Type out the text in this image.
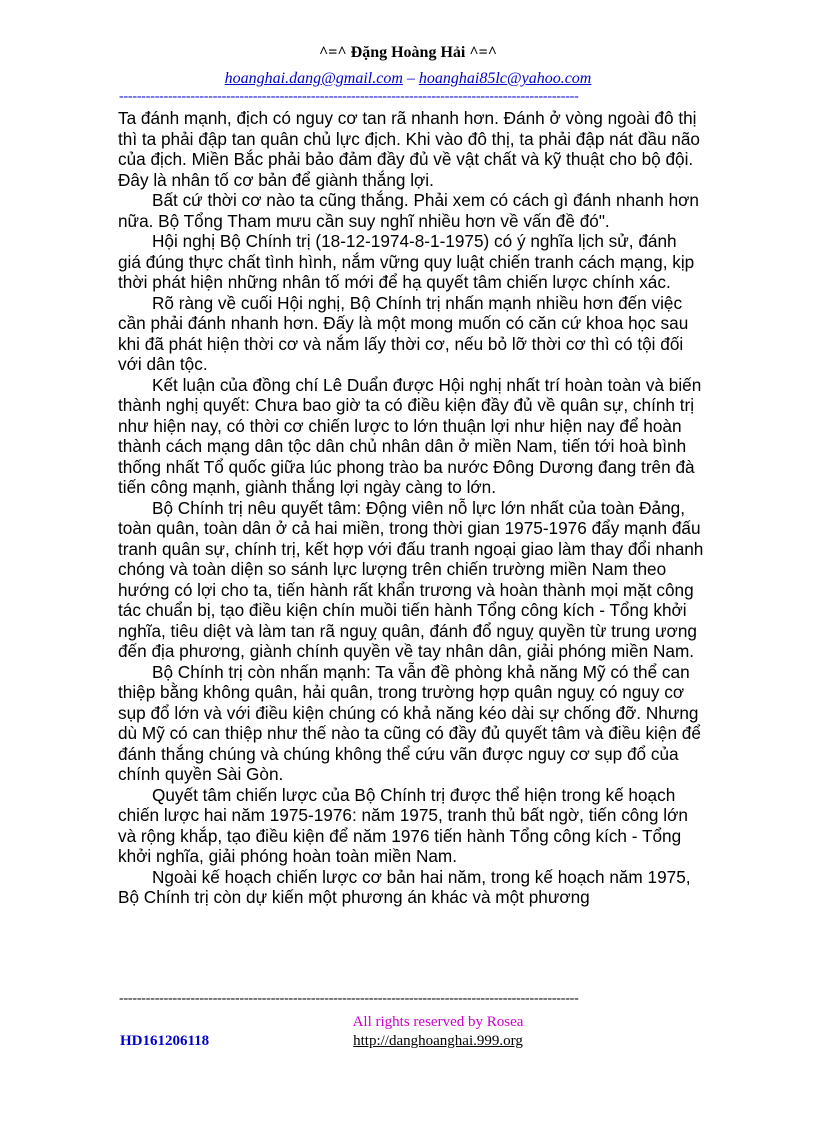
^=^ Đặng Hoàng Hải ^=^
hoanghai.dang@gmail.com – hoanghai85lc@yahoo.com
-------------------------------------------------------------------------------------------------------

Ta đánh mạnh, địch có nguy cơ tan rã nhanh hơn. Đánh ở vòng ngoài đô thị thì ta phải đập tan quân chủ lực địch. Khi vào đô thị, ta phải đập nát đầu não của địch. Miền Bắc phải bảo đảm đầy đủ về vật chất và kỹ thuật cho bộ đội. Đây là nhân tố cơ bản để giành thắng lợi.

Bất cứ thời cơ nào ta cũng thắng. Phải xem có cách gì đánh nhanh hơn nữa. Bộ Tổng Tham mưu cần suy nghĩ nhiều hơn về vấn đề đó".

Hội nghị Bộ Chính trị (18-12-1974-8-1-1975) có ý nghĩa lịch sử, đánh giá đúng thực chất tình hình, nắm vững quy luật chiến tranh cách mạng, kịp thời phát hiện những nhân tố mới để hạ quyết tâm chiến lược chính xác.

Rõ ràng về cuối Hội nghị, Bộ Chính trị nhấn mạnh nhiều hơn đến việc cần phải đánh nhanh hơn. Đấy là một mong muốn có căn cứ khoa học sau khi đã phát hiện thời cơ và nắm lấy thời cơ, nếu bỏ lỡ thời cơ thì có tội đối với dân tộc.

Kết luận của đồng chí Lê Duẩn được Hội nghị nhất trí hoàn toàn và biến thành nghị quyết: Chưa bao giờ ta có điều kiện đầy đủ về quân sự, chính trị như hiện nay, có thời cơ chiến lược to lớn thuận lợi như hiện nay để hoàn thành cách mạng dân tộc dân chủ nhân dân ở miền Nam, tiến tới hoà bình thống nhất Tổ quốc giữa lúc phong trào ba nước Đông Dương đang trên đà tiến công mạnh, giành thắng lợi ngày càng to lớn.

Bộ Chính trị nêu quyết tâm: Động viên nỗ lực lớn nhất của toàn Đảng, toàn quân, toàn dân ở cả hai miền, trong thời gian 1975-1976 đẩy mạnh đấu tranh quân sự, chính trị, kết hợp với đấu tranh ngoại giao làm thay đổi nhanh chóng và toàn diện so sánh lực lượng trên chiến trường miền Nam theo hướng có lợi cho ta, tiến hành rất khẩn trương và hoàn thành mọi mặt công tác chuẩn bị, tạo điều kiện chín muồi tiến hành Tổng công kích - Tổng khởi nghĩa, tiêu diệt và làm tan rã nguỵ quân, đánh đổ nguỵ quyền từ trung ương đến địa phương, giành chính quyền về tay nhân dân, giải phóng miền Nam.

Bộ Chính trị còn nhấn mạnh: Ta vẫn đề phòng khả năng Mỹ có thể can thiệp bằng không quân, hải quân, trong trường hợp quân nguỵ có nguy cơ sụp đổ lớn và với điều kiện chúng có khả năng kéo dài sự chống đỡ. Nhưng dù Mỹ có can thiệp như thế nào ta cũng có đầy đủ quyết tâm và điều kiện để đánh thắng chúng và chúng không thể cứu vãn được nguy cơ sụp đổ của chính quyền Sài Gòn.

Quyết tâm chiến lược của Bộ Chính trị được thể hiện trong kế hoạch chiến lược hai năm 1975-1976: năm 1975, tranh thủ bất ngờ, tiến công lớn và rộng khắp, tạo điều kiện để năm 1976 tiến hành Tổng công kích - Tổng khởi nghĩa, giải phóng hoàn toàn miền Nam.

Ngoài kế hoạch chiến lược cơ bản hai năm, trong kế hoạch năm 1975, Bộ Chính trị còn dự kiến một phương án khác và một phương

-------------------------------------------------------------------------------------------------------
All rights reserved by Rosea
HD161206118	http://danghoanghai.999.org
